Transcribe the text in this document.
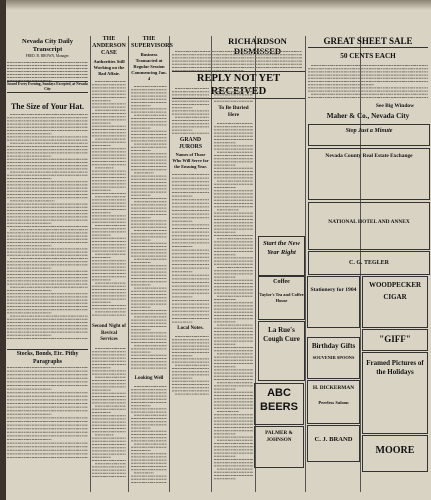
Nevada City Daily Transcript
FRED. B. BROWN, Manager.
Issued Every Evening, Sundays Excepted, at Nevada City
The Size of Your Hat.
Stocks, Bonds, Etc. Pithy Paragraphs
THE ANDERSON CASE
Authorities Still Working on the Bad Affair.
Second Night of Revival Services
THE SUPERVISORS
Business Transacted at Regular Session Commencing Jan. 4
Looking Well
RICHARDSON DISMISSED
REPLY NOT YET RECEIVED
GRAND JURORS
Names of Those Who Will Serve for the Ensuing Year.
Local Notes.
ABC BEERS
PALMER & JOHNSON
To Be Buried Here
Start the New Year Right
Coffee
Taylor's Tea and Coffee House
La Rue's Cough Cure
Stationery for 1904
Birthday Gifts
SOUVENIR SPOONS
H. DICKERMAN
Peerless Saloon
C. J. BRAND
GREAT SHEET SALE
50 CENTS EACH
See Big Window
Maher & Co., Nevada City
Stop Just a Minute
Nevada County Real Estate Exchange
NATIONAL HOTEL AND ANNEX
C. G. TEGLER
WOODPECKER
CIGAR
"GIFF"
Framed Pictures of the Holidays
MOORE
